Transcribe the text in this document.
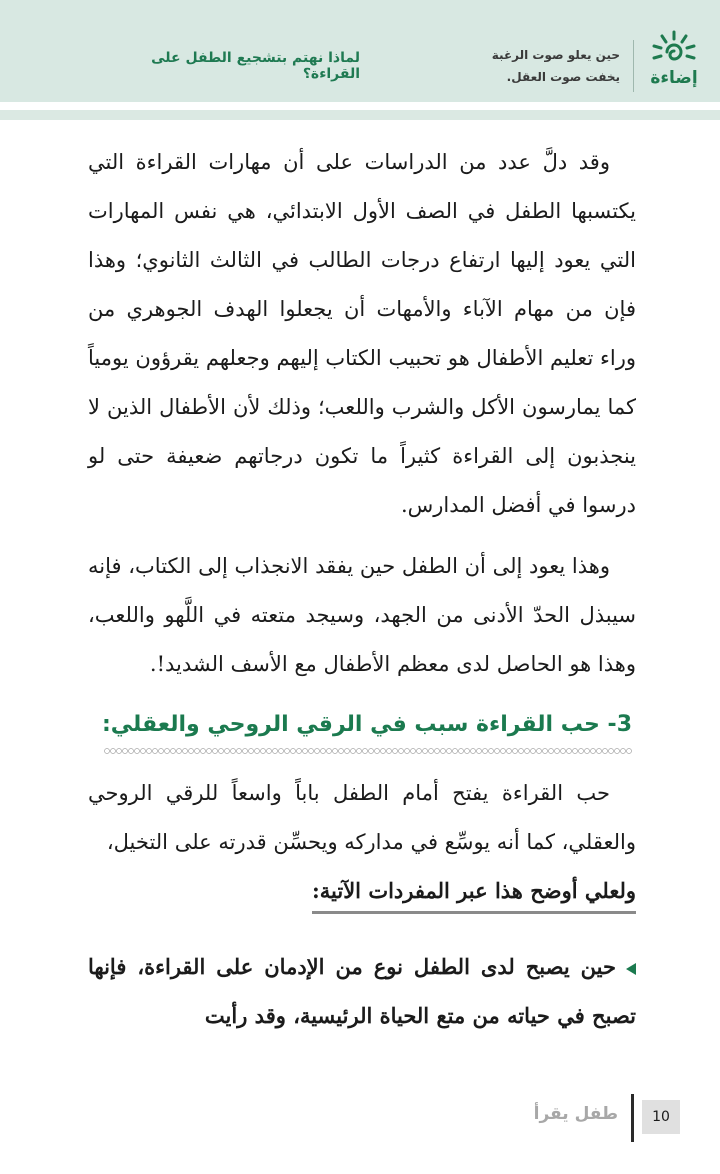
إضاءة
حين يعلو صوت الرغبة
يخفت صوت العقل.
لماذا نهتم بتشجيع الطفل على القراءة؟

وقد دلَّ عدد من الدراسات على أن مهارات القراءة التي يكتسبها الطفل في الصف الأول الابتدائي، هي نفس المهارات التي يعود إليها ارتفاع درجات الطالب في الثالث الثانوي؛ وهذا فإن من مهام الآباء والأمهات أن يجعلوا الهدف الجوهري من وراء تعليم الأطفال هو تحبيب الكتاب إليهم وجعلهم يقرؤون يومياً كما يمارسون الأكل والشرب واللعب؛ وذلك لأن الأطفال الذين لا ينجذبون إلى القراءة كثيراً ما تكون درجاتهم ضعيفة حتى لو درسوا في أفضل المدارس.

وهذا يعود إلى أن الطفل حين يفقد الانجذاب إلى الكتاب، فإنه سيبذل الحدّ الأدنى من الجهد، وسيجد متعته في اللَّهو واللعب، وهذا هو الحاصل لدى معظم الأطفال مع الأسف الشديد!.

3- حب القراءة سبب في الرقي الروحي والعقلي:

حب القراءة يفتح أمام الطفل باباً واسعاً للرقي الروحي والعقلي، كما أنه يوسِّع في مداركه ويحسِّن قدرته على التخيل،

ولعلي أوضح هذا عبر المفردات الآتية:

حين يصبح لدى الطفل نوع من الإدمان على القراءة، فإنها تصبح في حياته من متع الحياة الرئيسية، وقد رأيت

10
طفل يقرأ
